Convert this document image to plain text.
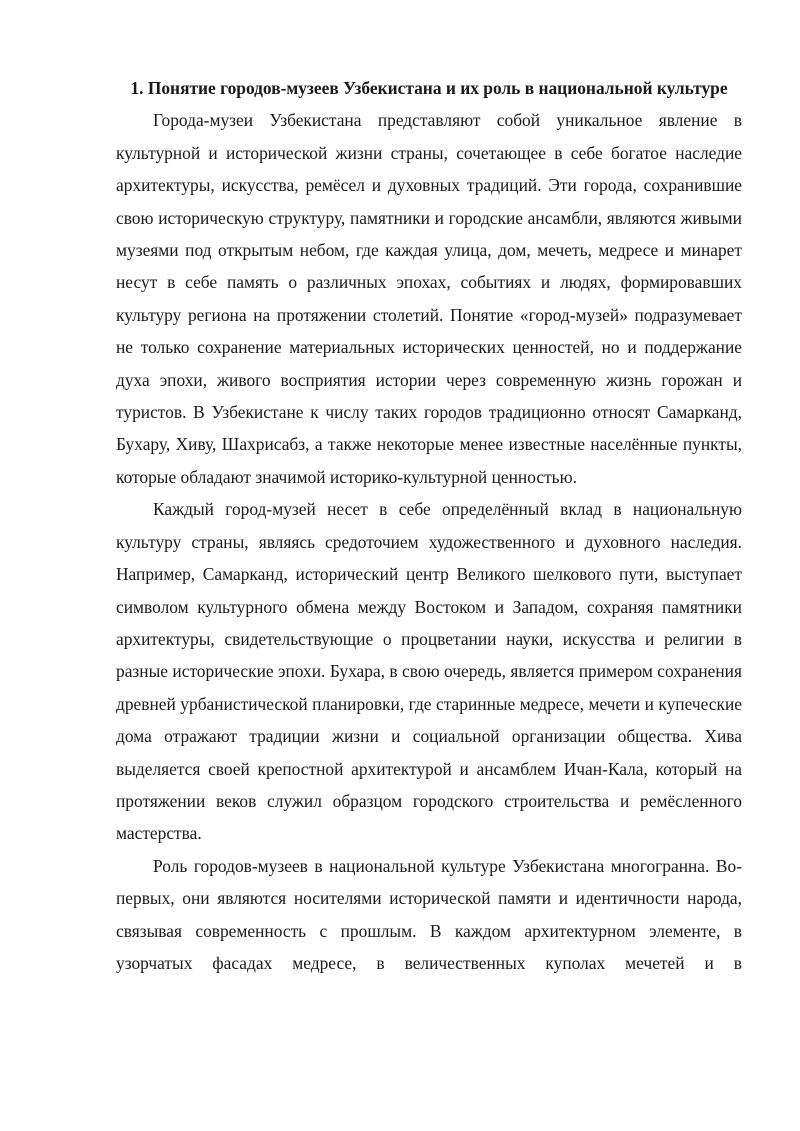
1. Понятие городов-музеев Узбекистана и их роль в национальной культуре

Города-музеи Узбекистана представляют собой уникальное явление в культурной и исторической жизни страны, сочетающее в себе богатое наследие архитектуры, искусства, ремёсел и духовных традиций. Эти города, сохранившие свою историческую структуру, памятники и городские ансамбли, являются живыми музеями под открытым небом, где каждая улица, дом, мечеть, медресе и минарет несут в себе память о различных эпохах, событиях и людях, формировавших культуру региона на протяжении столетий. Понятие «город-музей» подразумевает не только сохранение материальных исторических ценностей, но и поддержание духа эпохи, живого восприятия истории через современную жизнь горожан и туристов. В Узбекистане к числу таких городов традиционно относят Самарканд, Бухару, Хиву, Шахрисабз, а также некоторые менее известные населённые пункты, которые обладают значимой историко-культурной ценностью.

Каждый город-музей несет в себе определённый вклад в национальную культуру страны, являясь средоточием художественного и духовного наследия. Например, Самарканд, исторический центр Великого шелкового пути, выступает символом культурного обмена между Востоком и Западом, сохраняя памятники архитектуры, свидетельствующие о процветании науки, искусства и религии в разные исторические эпохи. Бухара, в свою очередь, является примером сохранения древней урбанистической планировки, где старинные медресе, мечети и купеческие дома отражают традиции жизни и социальной организации общества. Хива выделяется своей крепостной архитектурой и ансамблем Ичан-Кала, который на протяжении веков служил образцом городского строительства и ремёсленного мастерства.

Роль городов-музеев в национальной культуре Узбекистана многогранна. Во-первых, они являются носителями исторической памяти и идентичности народа, связывая современность с прошлым. В каждом архитектурном элементе, в узорчатых фасадах медресе, в величественных куполах мечетей и в
